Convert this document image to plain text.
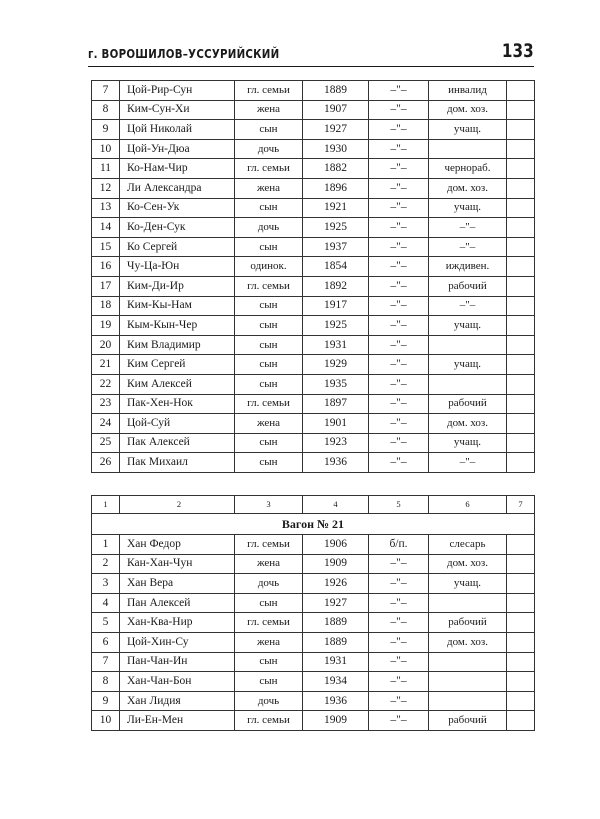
г. ВОРОШИЛОВ–УССУРИЙСКИЙ	133
7	Цой-Рир-Сун	гл. семьи	1889	–"–	инвалид	
8	Ким-Сун-Хи	жена	1907	–"–	дом. хоз.	
9	Цой Николай	сын	1927	–"–	учащ.	
10	Цой-Ун-Дюа	дочь	1930	–"–		
11	Ко-Нам-Чир	гл. семьи	1882	–"–	чернораб.	
12	Ли Александра	жена	1896	–"–	дом. хоз.	
13	Ко-Сен-Ук	сын	1921	–"–	учащ.	
14	Ко-Ден-Сук	дочь	1925	–"–	–"–	
15	Ко Сергей	сын	1937	–"–	–"–	
16	Чу-Ца-Юн	одинок.	1854	–"–	иждивен.	
17	Ким-Ди-Ир	гл. семьи	1892	–"–	рабочий	
18	Ким-Кы-Нам	сын	1917	–"–	–"–	
19	Кым-Кын-Чер	сын	1925	–"–	учащ.	
20	Ким Владимир	сын	1931	–"–		
21	Ким Сергей	сын	1929	–"–	учащ.	
22	Ким Алексей	сын	1935	–"–		
23	Пак-Хен-Нок	гл. семьи	1897	–"–	рабочий	
24	Цой-Суй	жена	1901	–"–	дом. хоз.	
25	Пак Алексей	сын	1923	–"–	учащ.	
26	Пак Михаил	сын	1936	–"–	–"–	
1	2	3	4	5	6	7
Вагон № 21						
1	Хан Федор	гл. семьи	1906	б/п.	слесарь	
2	Кан-Хан-Чун	жена	1909	–"–	дом. хоз.	
3	Хан Вера	дочь	1926	–"–	учащ.	
4	Пан Алексей	сын	1927	–"–		
5	Хан-Ква-Нир	гл. семьи	1889	–"–	рабочий	
6	Цой-Хин-Су	жена	1889	–"–	дом. хоз.	
7	Пан-Чан-Ин	сын	1931	–"–		
8	Хан-Чан-Бон	сын	1934	–"–		
9	Хан Лидия	дочь	1936	–"–		
10	Ли-Ен-Мен	гл. семьи	1909	–"–	рабочий	
